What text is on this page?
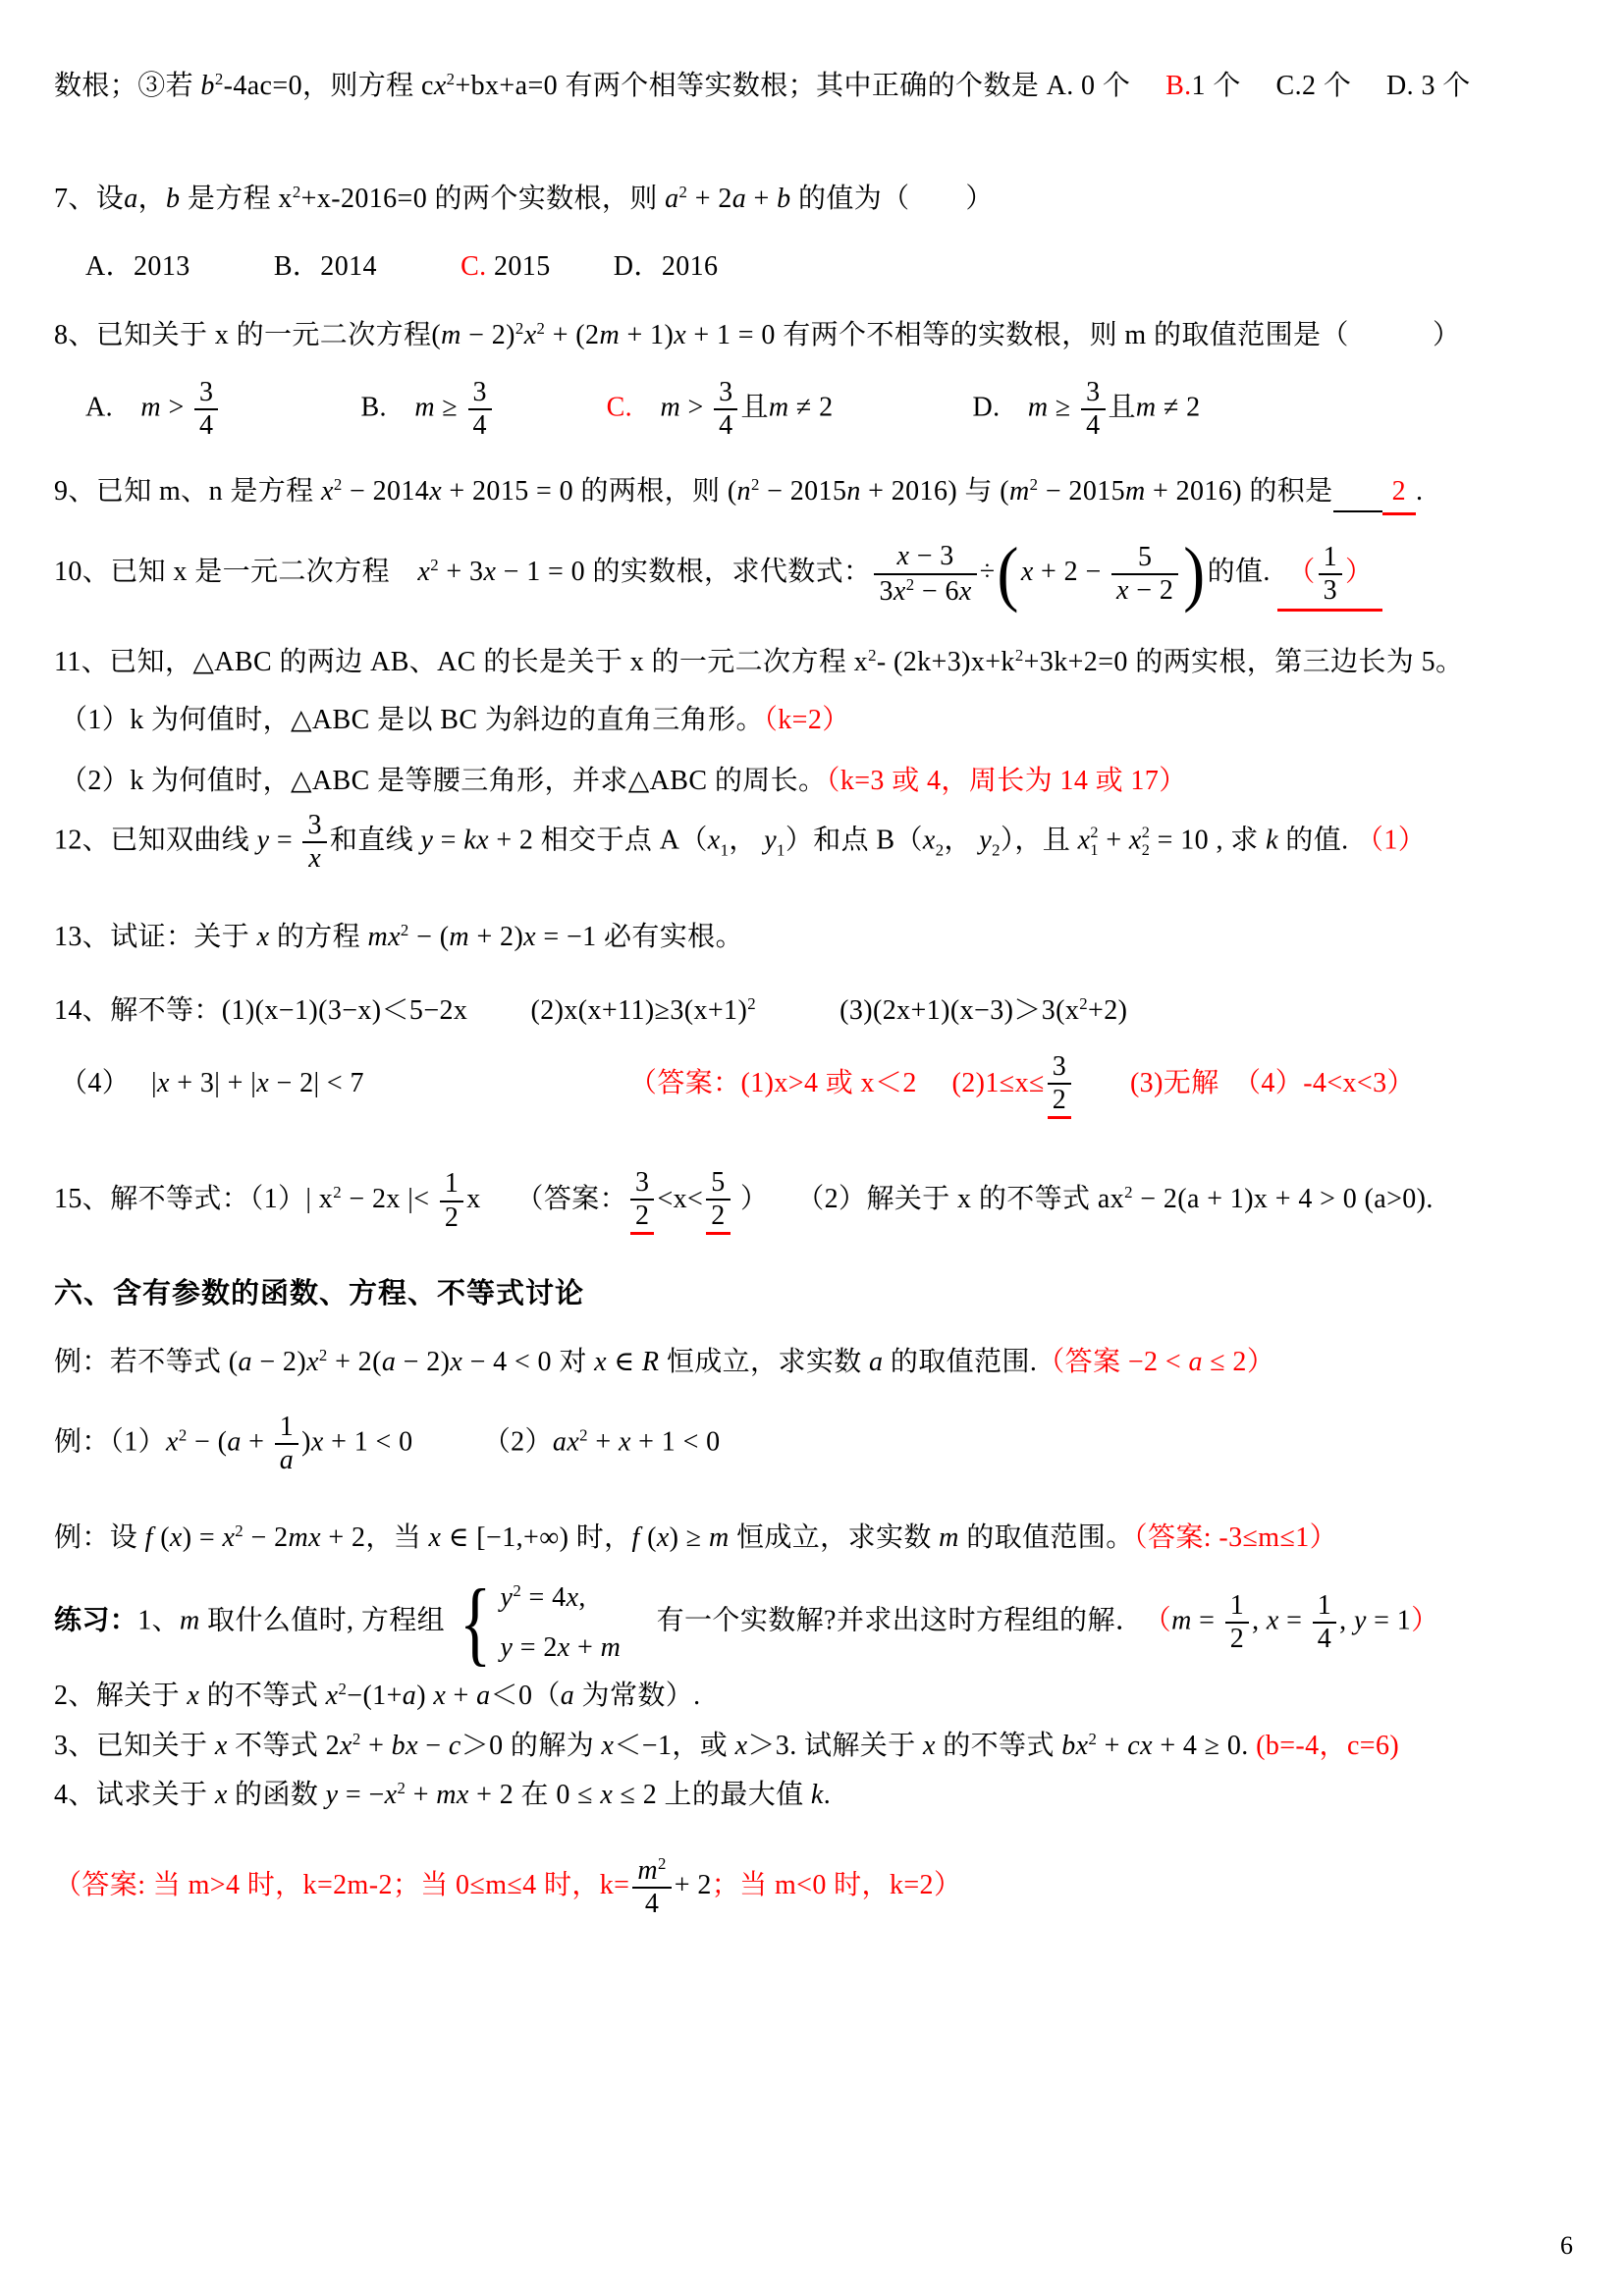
数根；③若 $b^2-4ac=0$，则方程 $cx^2+bx+a=0$ 有两个相等实数根；其中正确的个数是 A. 0 个　 B.1 个　 C.2 个　 D. 3 个
7、设a，b 是方程 $x^2+x-2016=0$ 的两个实数根，则 $a^2 + 2a + b$ 的值为（　　）
A．2013　　　B．2014　　　C. 2015　　 D．2016
8、已知关于 x 的一元二次方程$(m - 2)^2x^2 + (2m + 1)x + 1 = 0$ 有两个不相等的实数根，则 m 的取值范围是（　　　）
A.　$m > \frac{3}{4}$ 　　　　　B.　$m \ge \frac{3}{4}$
　　　　	C.　 $m > \frac{3}{4}$ 且m ≠ 2　　　　　D.　$m \ge \frac{3}{4}$ 且m ≠ 2
9、已知 m、n 是方程 $x^2 - 2014x + 2015 = 0$ 的两根，则 $(n^2 - 2015n + 2016)$ 与 $(m^2 - 2015m + 2016)$ 的积是　 2 .
10、已知 x 是一元二次方程　$x^2 + 3x - 1 = 0$ 的实数根，求代数式： $\frac{x - 3}{3x^2 - 6x} \div(x + 2 - \frac{5}{x - 2}$ )的值. （ $\frac{1}{3}$ ）
11、已知，△ABC 的两边 AB、AC 的长是关于 x 的一元二次方程 $x^2-$ $(2k+3)x+k^2+3k+2=0$ 的两实根，第三边长为 5。
（1）k 为何值时，△ABC 是以 BC 为斜边的直角三角形。（k=2）
（2）k 为何值时，△ABC 是等腰三角形，并求△ABC 的周长。（k=3 或 4，周长为 14 或 17）
12、已知双曲线 $y = \frac{3}{x}$ 和直线 y = kx + 2 相交于点 $A(x_1$， $y_1$）和点 $B(x_2$， $y_2$），且 x 2
1 + x 2
2 = 10 , 求 k 的值. （1）
13、试证：关于 x 的方程 $mx^2 - (m + 2)x = -1$ 必有实根。
14、解不等：(1)(x−1)(3−x)＜5−2x　　 $(2)x(x+11)\ge 3(x+1)^2$　　　$(3)(2x+1)(x-3)>3(x^2+2)$
（4）　 |x + 3| + |x − 2| < 7　　　　　　　　　　	（答案：(1)x>4 或 x＜2　 $(2)1\le x\le \frac{3}{2}$ 　　(3)无解　（4）-4<x<3）
15、解不等式：（1）| $x^2 - 2x$ |< $\frac{1}{2}$ x　 （答案： $\frac{3}{2} <x< \frac{5}{2}$ ）　　（2）解关于 x 的不等式 $ax^2 - 2(a + 1)x + 4 > 0$ (a>0).
六、含有参数的函数、方程、不等式讨论
例：若不等式 $(a - 2)x^2 + 2(a - 2)x - 4 < 0$ 对 x ∈ R 恒成立，求实数 a 的取值范围.（答案 −2 < a ≤ 2）
例：$(1)x^2 - (a + \frac{1}{a} )x + 1 < 0$　　　$(2)ax^2 + x + 1 < 0$
例：设 f $(x) = x^2 - 2mx + 2$，当 x ∈ [−1,+∞) 时，f (x) ≥ m 恒成立，求实数 m 的取值范围。（答案: -3≤m≤1）
练习：1、m 取什么值时, 方程组 { $y^2 = 4x$,
y = 2x + m
　有一个实数解?并求出这时方程组的解．　（$m = \frac{1}{2}$ , $x = \frac{1}{4}$ , y = 1）
2、解关于 x 的不等式 $x^2-(1+a) x + a<0(a$ 为常数）.
3、已知关于 x 不等式 $2x^2$ + bx − c＞0 的解为 x＜−1，或 x＞3. 试解关于 x 的不等式 $bx^2$ + cx + 4 ≥ 0. (b=-4，c=6)
4、试求关于 x 的函数 $y = -x^2$ + mx + 2 在 0 ≤ x ≤ 2 上的最大值 k.
（答案: 当 m>4 时，k=2m-2；当 0≤m≤4 时，$k= \frac{m^2}{4} + 2$；当 m<0 时，k=2）
6
